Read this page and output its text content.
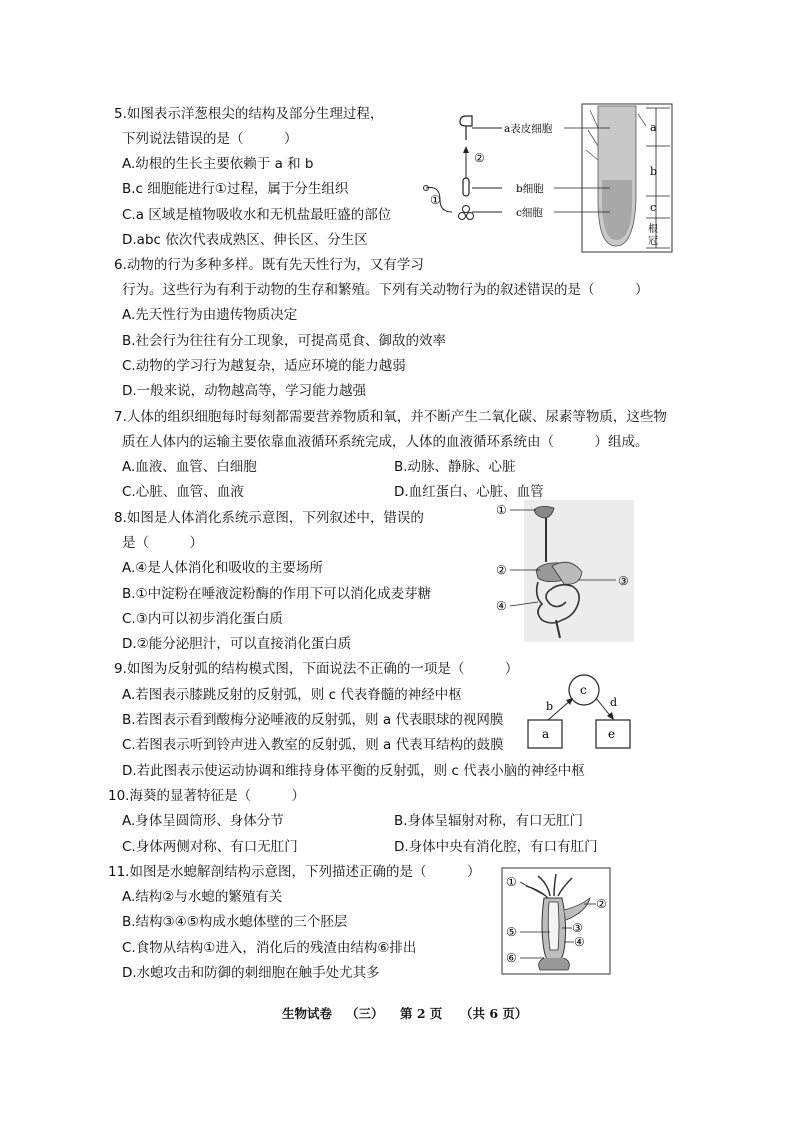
5.如图表示洋葱根尖的结构及部分生理过程，
下列说法错误的是（　　　）
A.幼根的生长主要依赖于 a 和 b
B.c 细胞能进行①过程，属于分生组织
C.a 区域是植物吸收水和无机盐最旺盛的部位
D.abc 依次代表成熟区、伸长区、分生区
②
①
a表皮细胞
b细胞
c细胞
a
b
c
根
冠
6.动物的行为多种多样。既有先天性行为，又有学习
行为。这些行为有利于动物的生存和繁殖。下列有关动物行为的叙述错误的是（　　　）
A.先天性行为由遗传物质决定
B.社会行为往往有分工现象，可提高觅食、御敌的效率
C.动物的学习行为越复杂，适应环境的能力越弱
D.一般来说，动物越高等，学习能力越强
7.人体的组织细胞每时每刻都需要营养物质和氧，并不断产生二氧化碳、尿素等物质，这些物
质在人体内的运输主要依靠血液循环系统完成，人体的血液循环系统由（　　　）组成。
A.血液、血管、白细胞	B.动脉、静脉、心脏
C.心脏、血管、血液	D.血红蛋白、心脏、血管
8.如图是人体消化系统示意图，下列叙述中，错误的
是（　　　）
A.④是人体消化和吸收的主要场所
B.①中淀粉在唾液淀粉酶的作用下可以消化成麦芽糖
C.③内可以初步消化蛋白质
D.②能分泌胆汁，可以直接消化蛋白质
①
②
③
④
9.如图为反射弧的结构模式图，下面说法不正确的一项是（　　　）
A.若图表示膝跳反射的反射弧，则 c 代表脊髓的神经中枢
B.若图表示看到酸梅分泌唾液的反射弧，则 a 代表眼球的视网膜
C.若图表示听到铃声进入教室的反射弧，则 a 代表耳结构的鼓膜
D.若此图表示使运动协调和维持身体平衡的反射弧，则 c 代表小脑的神经中枢
c
a	e
b	d
10.海葵的显著特征是（　　　）
A.身体呈圆筒形、身体分节	B.身体呈辐射对称，有口无肛门
C.身体两侧对称、有口无肛门	D.身体中央有消化腔，有口有肛门
11.如图是水螅解剖结构示意图，下列描述正确的是（　　　）
A.结构②与水螅的繁殖有关
B.结构③④⑤构成水螅体壁的三个胚层
C.食物从结构①进入，消化后的残渣由结构⑥排出
D.水螅攻击和防御的刺细胞在触手处尤其多
①
②
③
④
⑤
⑥
生物试卷 （三） 第 2 页 （共 6 页）
